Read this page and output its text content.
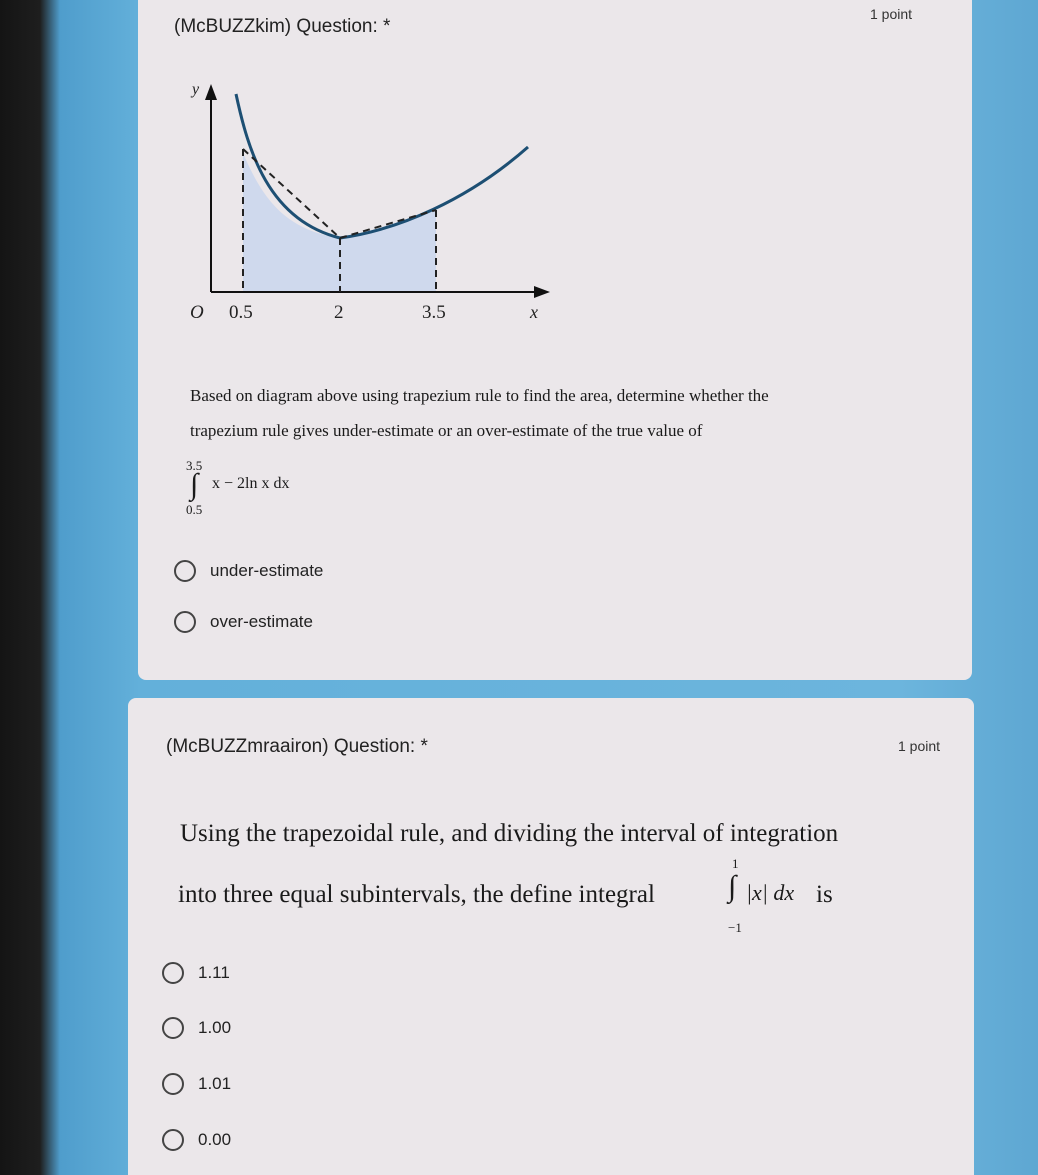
(McBUZZkim) Question: *
1 point
y
O 0.5	2	3.5	x
Based on diagram above using trapezium rule to find the area, determine whether the
trapezium rule gives under-estimate or an over-estimate of the true value of
3.5
∫ x − 2ln x dx
0.5
under-estimate
over-estimate
(McBUZZmraairon) Question: *	1 point
Using the trapezoidal rule, and dividing the interval of integration
into three equal subintervals, the define integral
1
∫ |x| dx
−1
is
1.11
1.00
1.01
0.00
